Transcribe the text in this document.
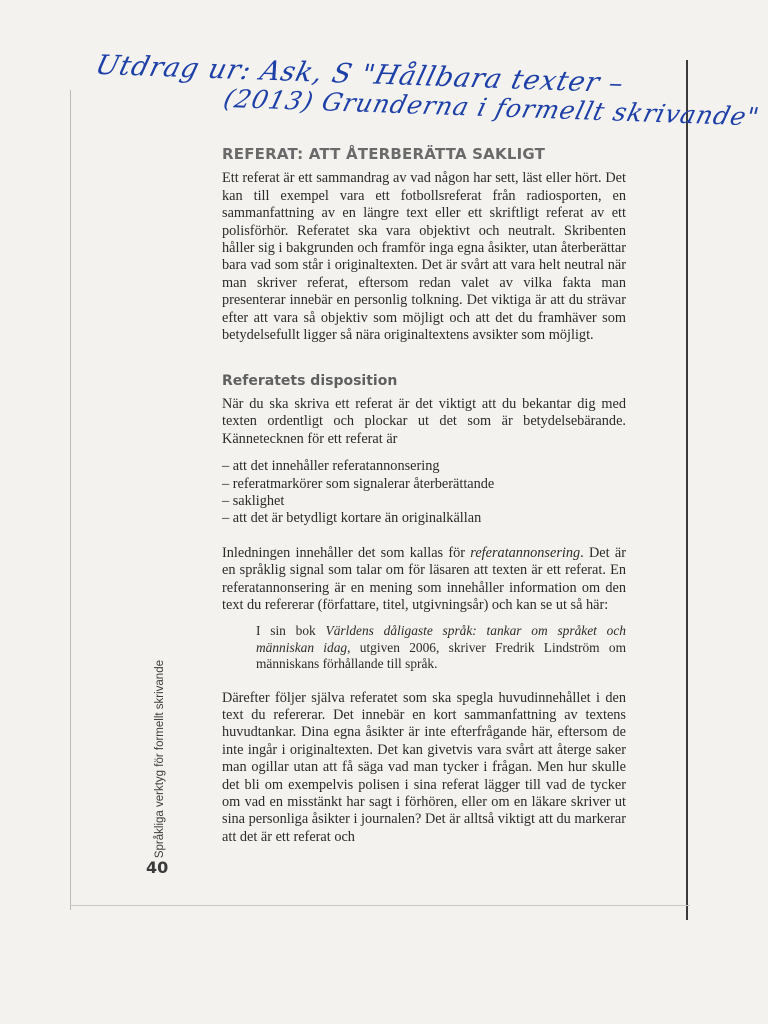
Utdrag ur: Ask, S "Hållbara texter –
(2013) Grunderna i formellt skrivande"
REFERAT: ATT ÅTERBERÄTTA SAKLIGT

Ett referat är ett sammandrag av vad någon har sett, läst eller hört. Det kan till exempel vara ett fotbollsreferat från radiosporten, en sammanfattning av en längre text eller ett skriftligt referat av ett polisförhör. Referatet ska vara objektivt och neutralt. Skribenten håller sig i bakgrunden och framför inga egna åsikter, utan återberättar bara vad som står i originaltexten. Det är svårt att vara helt neutral när man skriver referat, eftersom redan valet av vilka fakta man presenterar innebär en personlig tolkning. Det viktiga är att du strävar efter att vara så objektiv som möjligt och att det du framhäver som betydelsefullt ligger så nära originaltextens avsikter som möjligt.

Referatets disposition

När du ska skriva ett referat är det viktigt att du bekantar dig med texten ordentligt och plockar ut det som är betydelsebärande. Kännetecknen för ett referat är

– att det innehåller referatannonsering
– referatmarkörer som signalerar återberättande
– saklighet
– att det är betydligt kortare än originalkällan

Inledningen innehåller det som kallas för referatannonsering. Det är en språklig signal som talar om för läsaren att texten är ett referat. En referatannonsering är en mening som innehåller information om den text du refererar (författare, titel, utgivningsår) och kan se ut så här:

I sin bok Världens dåligaste språk: tankar om språket och människan idag, utgiven 2006, skriver Fredrik Lindström om människans förhållande till språk.

Därefter följer själva referatet som ska spegla huvudinnehållet i den text du refererar. Det innebär en kort sammanfattning av textens huvudtankar. Dina egna åsikter är inte efterfrågande här, eftersom de inte ingår i originaltexten. Det kan givetvis vara svårt att återge saker man ogillar utan att få säga vad man tycker i frågan. Men hur skulle det bli om exempelvis polisen i sina referat lägger till vad de tycker om vad en misstänkt har sagt i förhören, eller om en läkare skriver ut sina personliga åsikter i journalen? Det är alltså viktigt att du markerar att det är ett referat och

Språkliga verktyg för formellt skrivande
40
